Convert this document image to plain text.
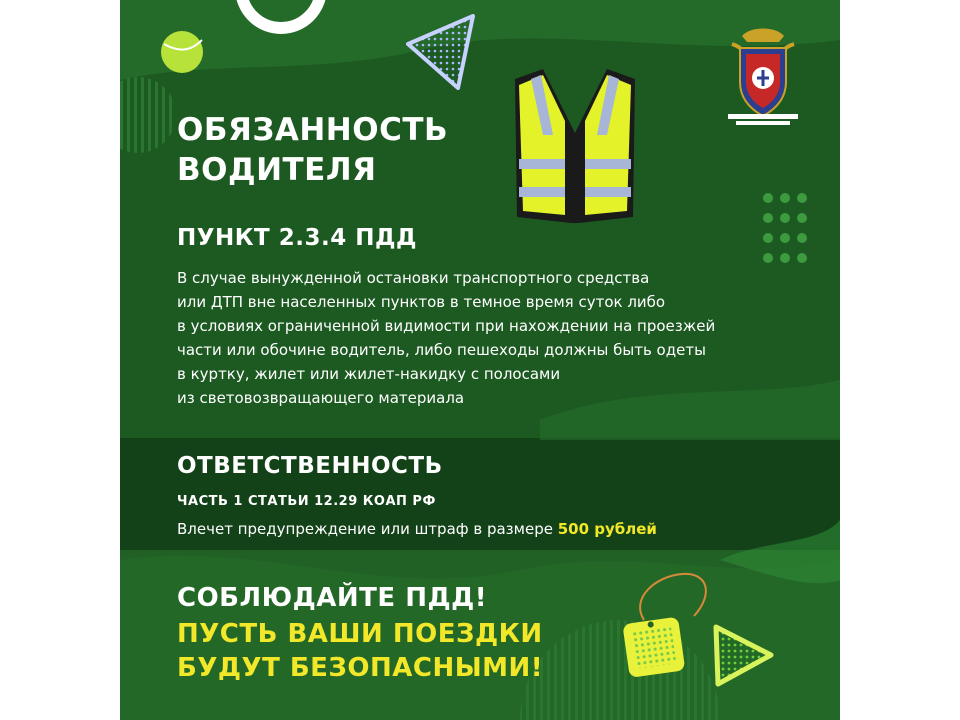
ОБЯЗАННОСТЬ
ВОДИТЕЛЯ
ПУНКТ 2.3.4 ПДД

В случае вынужденной остановки транспортного средства
или ДТП вне населенных пунктов в темное время суток либо
в условиях ограниченной видимости при нахождении на проезжей
части или обочине водитель, либо пешеходы должны быть одеты
в куртку, жилет или жилет-накидку с полосами
из световозвращающего материала

ОТВЕТСТВЕННОСТЬ
ЧАСТЬ 1 СТАТЬИ 12.29 КОАП РФ

Влечет предупреждение или штраф в размере 500 рублей

СОБЛЮДАЙТЕ ПДД!
ПУСТЬ ВАШИ ПОЕЗДКИ
БУДУТ БЕЗОПАСНЫМИ!
